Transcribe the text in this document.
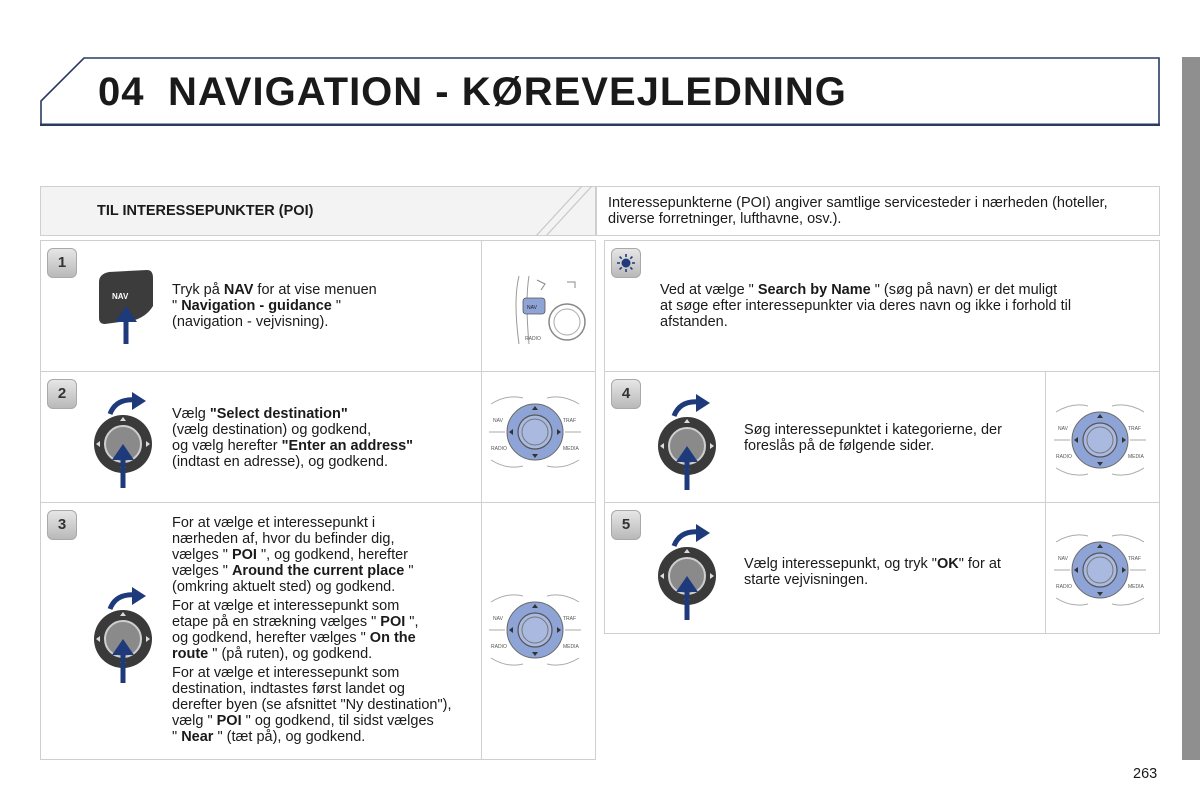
04 NAVIGATION - KØREVEJLEDNING
TIL INTERESSEPUNKTER (POI)	Interessepunkterne (POI) angiver samtlige servicesteder i nærheden (hoteller, diverse forretninger, lufthavne, osv.).
1
2
3
4
5
Tryk på NAV for at vise menuen
" Navigation - guidance "
(navigation - vejvisning).
Vælg "Select destination"
(vælg destination) og godkend,
og vælg herefter "Enter an address"
(indtast en adresse), og godkend.
For at vælge et interessepunkt i
nærheden af, hvor du befinder dig,
vælges " POI ", og godkend, herefter
vælges " Around the current place "
(omkring aktuelt sted) og godkend.
For at vælge et interessepunkt som
etape på en strækning vælges " POI ",
og godkend, herefter vælges " On the
route " (på ruten), og godkend.
For at vælge et interessepunkt som
destination, indtastes først landet og
derefter byen (se afsnittet "Ny destination"),
vælg " POI " og godkend, til sidst vælges
" Near " (tæt på), og godkend.
Ved at vælge " Search by Name " (søg på navn) er det muligt
at søge efter interessepunkter via deres navn og ikke i forhold til
afstanden.
Søg interessepunktet i kategorierne, der
foreslås på de følgende sider.
Vælg interessepunkt, og tryk "OK" for at
starte vejvisningen.
NAV
NAV
RADIO
NAV	TRAF
RADIO	MEDIA
NAV	TRAF
RADIO	MEDIA
NAV	TRAF
RADIO	MEDIA
NAV	TRAF
RADIO	MEDIA
263
